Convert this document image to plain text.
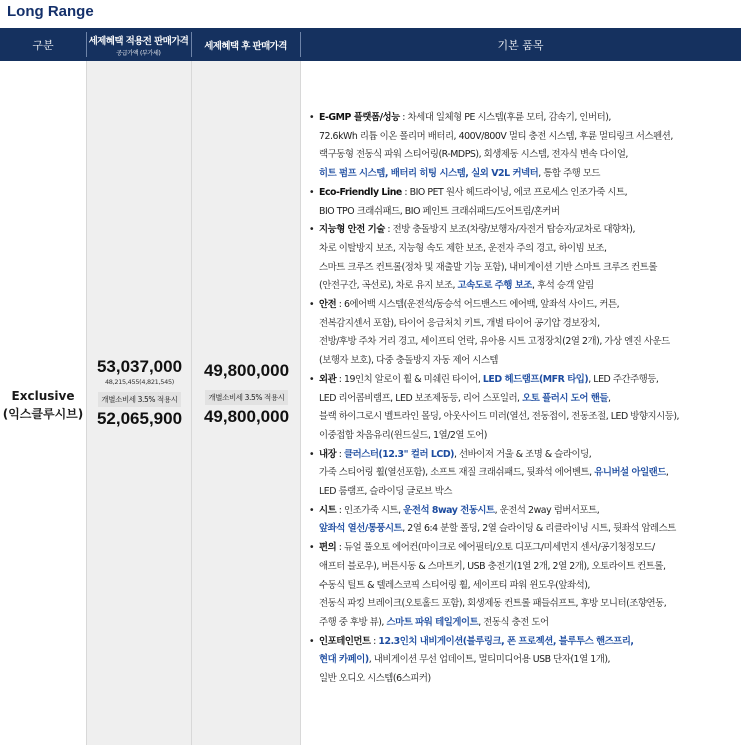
Long Range
구분	세제혜택 적용전 판매가격
공급가액 (부가세)
세제혜택 후 판매가격	기본 품목
Exclusive
(익스클루시브)
53,037,000
48,215,455(4,821,545)
개별소비세 3.5% 적용시
52,065,900
49,800,000
개별소비세 3.5% 적용시
49,800,000
• E-GMP 플랫폼/성능 : 차세대 일체형 PE 시스템(후륜 모터, 감속기, 인버터),
72.6kWh 리튬 이온 폴리머 배터리, 400V/800V 멀티 충전 시스템, 후륜 멀티링크 서스펜션,
랙구동형 전동식 파워 스티어링(R-MDPS), 회생제동 시스템, 전자식 변속 다이얼,
히트 펌프 시스템, 배터리 히팅 시스템, 실외 V2L 커넥터, 통합 주행 모드
• Eco-Friendly Line : BIO PET 원사 헤드라이닝, 에코 프로세스 인조가죽 시트,
BIO TPO 크래쉬패드, BIO 페인트 크래쉬패드/도어트림/혼커버
• 지능형 안전 기술 : 전방 충돌방지 보조(차량/보행자/자전거 탑승자/교차로 대향차),
차로 이탈방지 보조, 지능형 속도 제한 보조, 운전자 주의 경고, 하이빔 보조,
스마트 크루즈 컨트롤(정차 및 재출발 기능 포함), 내비게이션 기반 스마트 크루즈 컨트롤
(안전구간, 곡선로), 차로 유지 보조, 고속도로 주행 보조, 후석 승객 알림
• 안전 : 6에어백 시스템(운전석/동승석 어드밴스드 에어백, 앞좌석 사이드, 커튼,
전복감지센서 포함), 타이어 응급처치 키트, 개별 타이어 공기압 경보장치,
전방/후방 주차 거리 경고, 세이프티 언락, 유아용 시트 고정장치(2열 2개), 가상 엔진 사운드
(보행자 보호), 다중 충돌방지 자동 제어 시스템
• 외관 : 19인치 알로이 휠 & 미쉐린 타이어, LED 헤드램프(MFR 타입), LED 주간주행등,
LED 리어콤비램프, LED 보조제동등, 리어 스포일러, 오토 플러시 도어 핸들,
블랙 하이그로시 벨트라인 몰딩, 아웃사이드 미러(열선, 전동접이, 전동조절, LED 방향지시등),
이중접합 차음유리(윈드실드, 1열/2열 도어)
• 내장 : 클러스터(12.3" 컬러 LCD), 선바이저 거울 & 조명 & 슬라이딩,
가죽 스티어링 휠(열선포함), 소프트 재질 크래쉬패드, 뒷좌석 에어벤트, 유니버설 아일랜드,
LED 룸램프, 슬라이딩 글로브 박스
• 시트 : 인조가죽 시트, 운전석 8way 전동시트, 운전석 2way 럼버서포트,
앞좌석 열선/통풍시트, 2열 6:4 분할 폴딩, 2열 슬라이딩 & 리클라이닝 시트, 뒷좌석 암레스트
• 편의 : 듀얼 풀오토 에어컨(마이크로 에어필터/오토 디포그/미세먼지 센서/공기청정모드/
애프터 블로우), 버튼시동 & 스마트키, USB 충전기(1열 2개, 2열 2개), 오토라이트 컨트롤,
수동식 틸트 & 텔레스코픽 스티어링 휠, 세이프티 파워 윈도우(앞좌석),
전동식 파킹 브레이크(오토홀드 포함), 회생제동 컨트롤 패들쉬프트, 후방 모니터(조향연동,
주행 중 후방 뷰), 스마트 파워 테일게이트, 전동식 충전 도어
• 인포테인먼트 : 12.3인치 내비게이션(블루링크, 폰 프로젝션, 블루투스 핸즈프리,
현대 카페이), 내비게이션 무선 업데이트, 멀티미디어용 USB 단자(1열 1개),
일반 오디오 시스템(6스피커)
